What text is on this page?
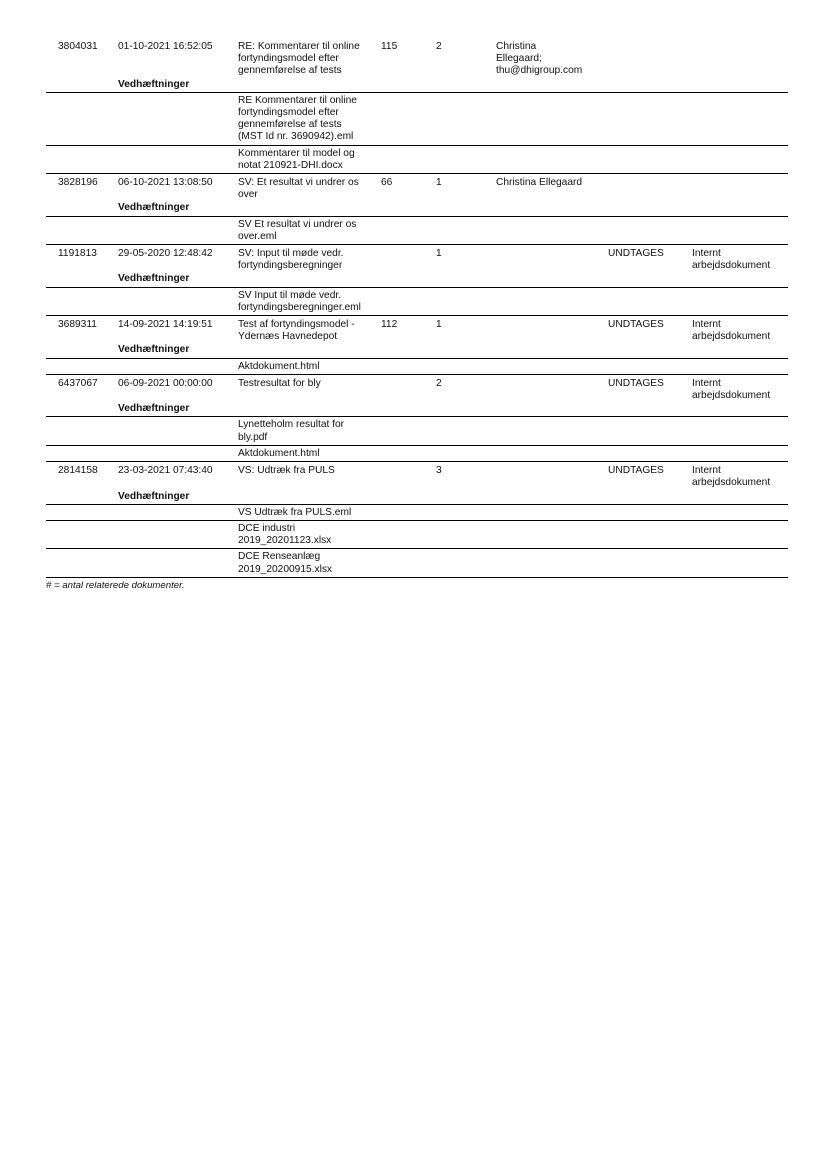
3804031	01-10-2021 16:52:05	RE: Kommentarer til online
fortyndingsmodel efter
gennemførelse af tests	115	2	Christina
Ellegaard;
thu@dhigroup.com		
	Vedhæftninger						
		RE Kommentarer til online
fortyndingsmodel efter
gennemførelse af tests
(MST Id nr. 3690942).eml					
		Kommentarer til model og
notat 210921-DHI.docx					
3828196	06-10-2021 13:08:50	SV: Et resultat vi undrer os
over	66	1	Christina Ellegaard		
	Vedhæftninger						
		SV Et resultat vi undrer os
over.eml					
1191813	29-05-2020 12:48:42	SV: Input til møde vedr.
fortyndingsberegninger		1		UNDTAGES	Internt
arbejdsdokument
	Vedhæftninger						
		SV Input til møde vedr.
fortyndingsberegninger.eml					
3689311	14-09-2021 14:19:51	Test af fortyndingsmodel -
Ydernæs Havnedepot	112	1		UNDTAGES	Internt
arbejdsdokument
	Vedhæftninger						
		Aktdokument.html					
6437067	06-09-2021 00:00:00	Testresultat for bly		2		UNDTAGES	Internt
arbejdsdokument
	Vedhæftninger						
		Lynetteholm resultat for
bly.pdf					
		Aktdokument.html					
2814158	23-03-2021 07:43:40	VS: Udtræk fra PULS		3		UNDTAGES	Internt
arbejdsdokument
	Vedhæftninger						
		VS Udtræk fra PULS.eml					
		DCE industri
2019_20201123.xlsx					
		DCE Renseanlæg
2019_20200915.xlsx					
# = antal relaterede dokumenter.
